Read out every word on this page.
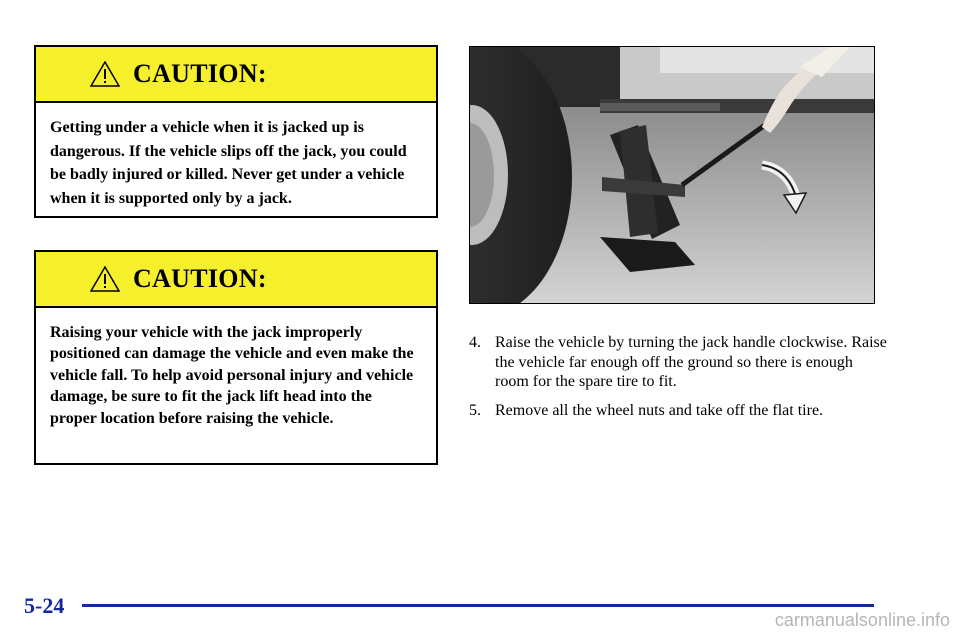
CAUTION:
Getting under a vehicle when it is jacked up is dangerous. If the vehicle slips off the jack, you could be badly injured or killed. Never get under a vehicle when it is supported only by a jack.
CAUTION:
Raising your vehicle with the jack improperly positioned can damage the vehicle and even make the vehicle fall. To help avoid personal injury and vehicle damage, be sure to fit the jack lift head into the proper location before raising the vehicle.
4. Raise the vehicle by turning the jack handle clockwise. Raise the vehicle far enough off the ground so there is enough room for the spare tire to fit.
5. Remove all the wheel nuts and take off the flat tire.
5-24
carmanualsonline.info
